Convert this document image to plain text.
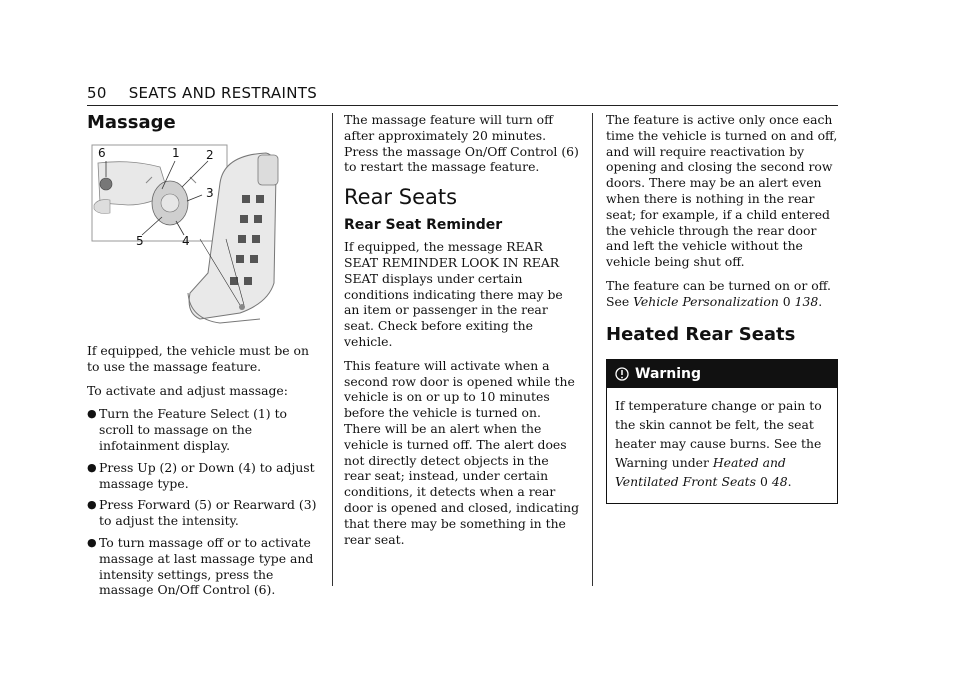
50 SEATS AND RESTRAINTS
Massage
6	1 2
3
5	4

If equipped, the vehicle must be on to use the massage feature.

To activate and adjust massage:

● Turn the Feature Select (1) to scroll to massage on the infotainment display.
● Press Up (2) or Down (4) to adjust massage type.
● Press Forward (5) or Rearward (3) to adjust the intensity.
● To turn massage off or to activate massage at last massage type and intensity settings, press the massage On/Off Control (6).

The massage feature will turn off after approximately 20 minutes. Press the massage On/Off Control (6) to restart the massage feature.

Rear Seats
Rear Seat Reminder

If equipped, the message REAR SEAT REMINDER LOOK IN REAR SEAT displays under certain conditions indicating there may be an item or passenger in the rear seat. Check before exiting the vehicle.

This feature will activate when a second row door is opened while the vehicle is on or up to 10 minutes before the vehicle is turned on. There will be an alert when the vehicle is turned off. The alert does not directly detect objects in the rear seat; instead, under certain conditions, it detects when a rear door is opened and closed, indicating that there may be something in the rear seat.

The feature is active only once each time the vehicle is turned on and off, and will require reactivation by opening and closing the second row doors. There may be an alert even when there is nothing in the rear seat; for example, if a child entered the vehicle through the rear door and left the vehicle without the vehicle being shut off.

The feature can be turned on or off. See Vehicle Personalization 0 138.

Heated Rear Seats
Warning

If temperature change or pain to the skin cannot be felt, the seat heater may cause burns. See the Warning under Heated and Ventilated Front Seats 0 48.
